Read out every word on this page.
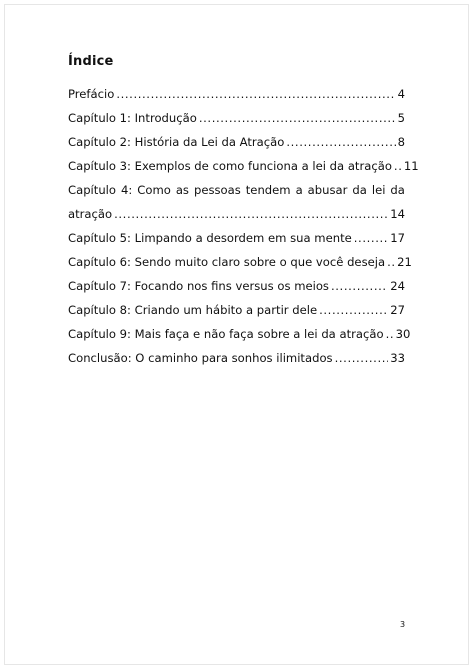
Índice
Prefácio .....	4
Capítulo 1: Introdução .....	5
Capítulo 2: História da Lei da Atração .....	8
Capítulo 3: Exemplos de como funciona a lei da atração ..... 11
Capítulo 4: Como as pessoas tendem a abusar da lei da
atração .....	14
Capítulo 5: Limpando a desordem em sua mente .....	17
Capítulo 6: Sendo muito claro sobre o que você deseja ..... 21
Capítulo 7: Focando nos fins versus os meios .....	24
Capítulo 8: Criando um hábito a partir dele .....	27
Capítulo 9: Mais faça e não faça sobre a lei da atração ..... 30
Conclusão: O caminho para sonhos ilimitados .....	33
3
